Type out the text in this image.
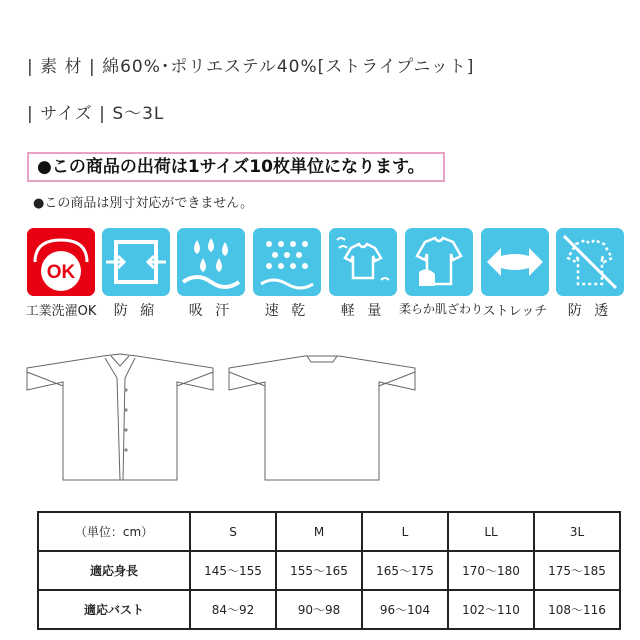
| 素 材 | 綿60%･ポリエステル40%[ストライプニット]
| サイズ | S～3L
●この商品の出荷は1サイズ10枚単位になります。
●この商品は別寸対応ができません。
OK
工業洗濯OK	防 縮	吸 汗	速 乾	軽 量	柔らか肌ざわり ストレッチ	防 透
（単位：cm）	S	M	L	LL	3L
適応身長	145～155	155～165	165～175	170～180	175～185
適応バスト	84～92	90～98	96～104	102～110	108～116
